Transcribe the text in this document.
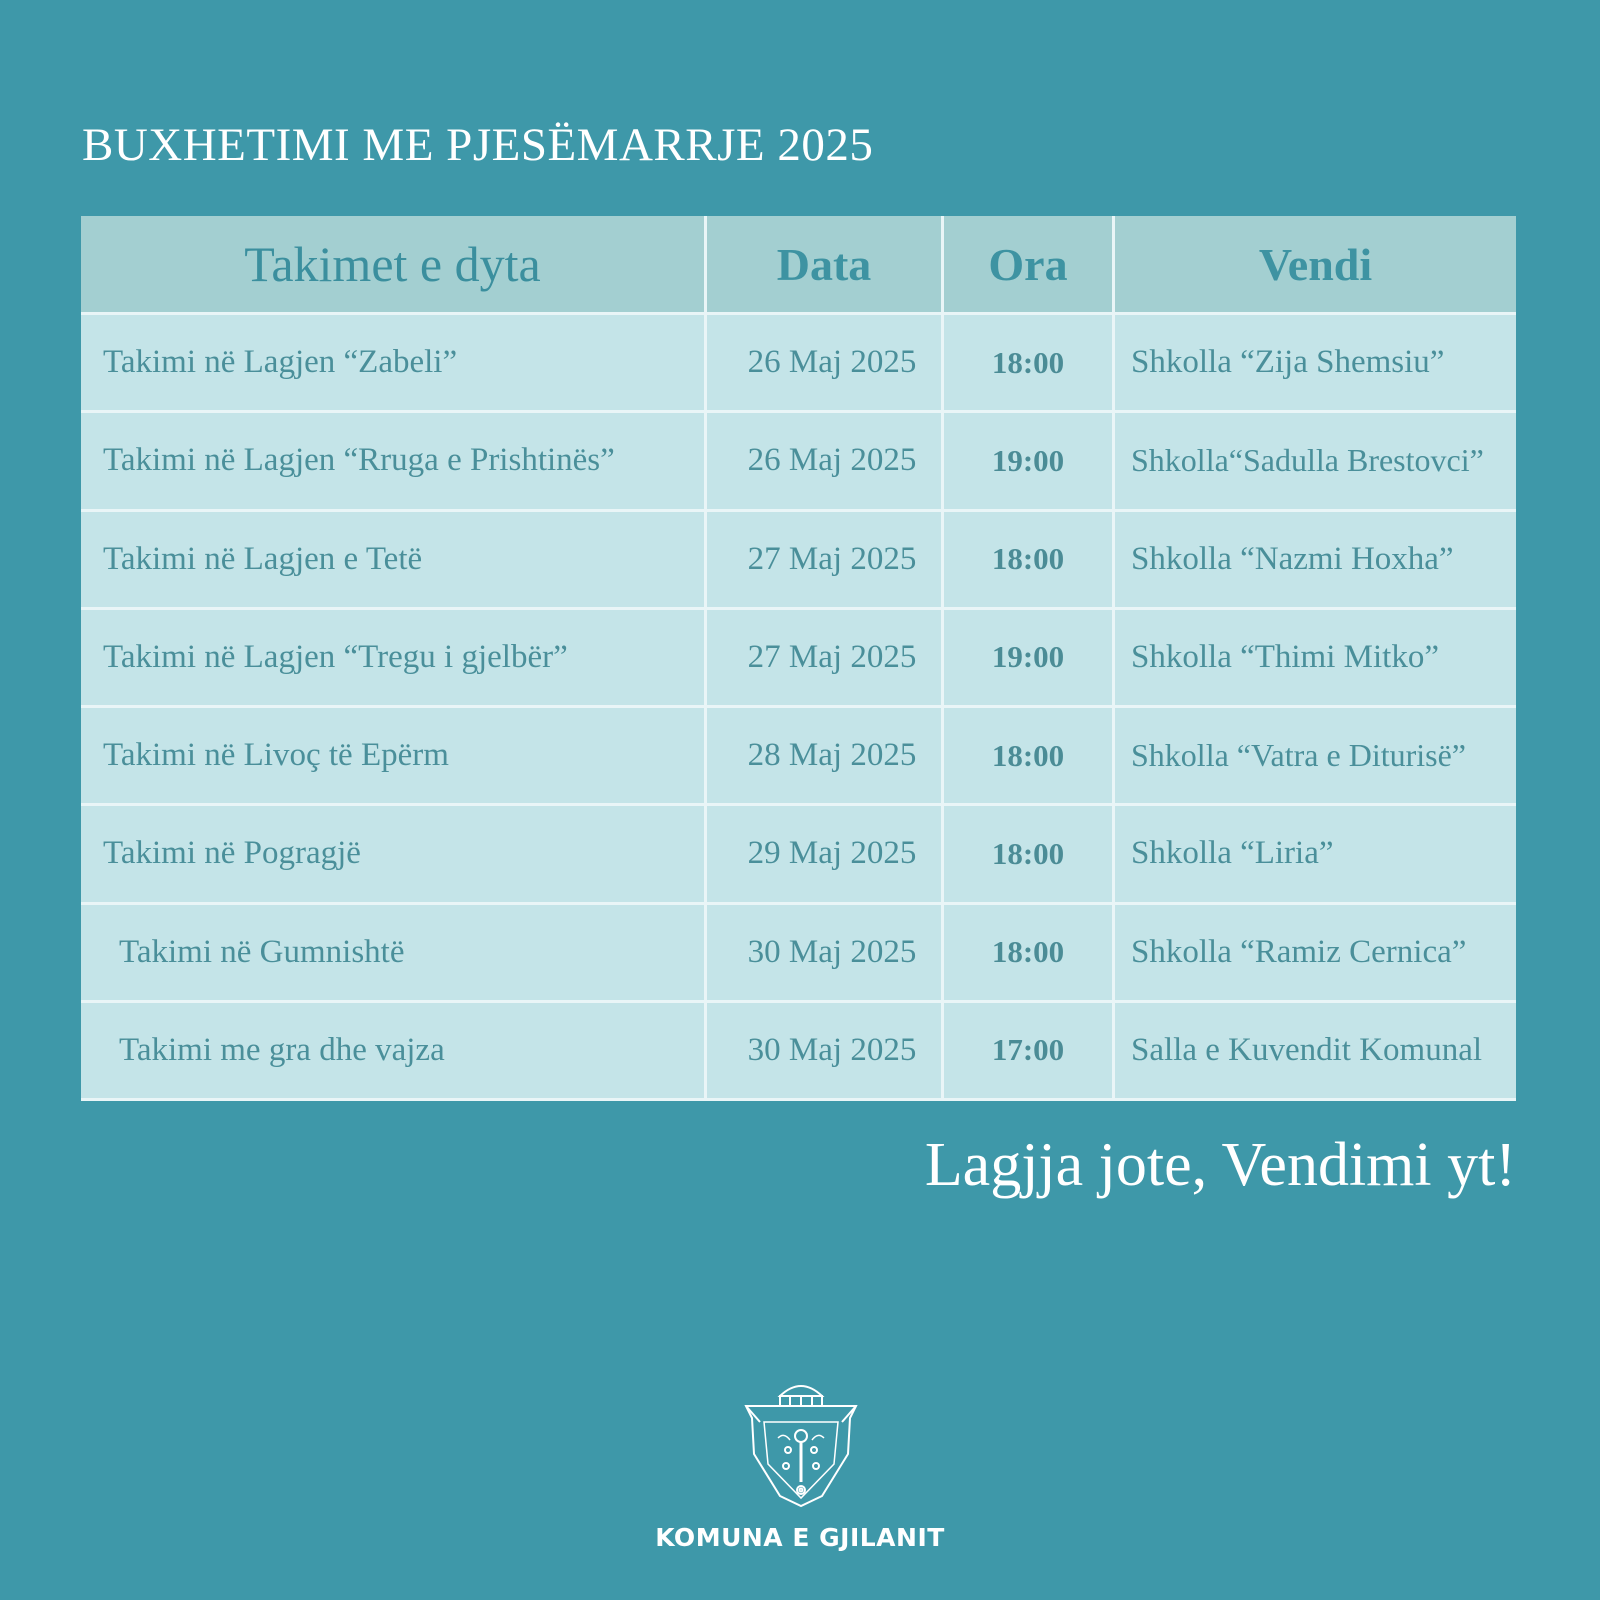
BUXHETIMI ME PJESËMARRJE 2025
Takimet e dyta	Data	Ora	Vendi
Takimi në Lagjen “Zabeli”	26 Maj 2025	18:00	Shkolla “Zija Shemsiu”
Takimi në Lagjen “Rruga e Prishtinës”	26 Maj 2025	19:00	Shkolla“Sadulla Brestovci”
Takimi në Lagjen e Tetë	27 Maj 2025	18:00	Shkolla “Nazmi Hoxha”
Takimi në Lagjen “Tregu i gjelbër”	27 Maj 2025	19:00	Shkolla “Thimi Mitko”
Takimi në Livoç të Epërm	28 Maj 2025	18:00	Shkolla “Vatra e Diturisë”
Takimi në Pogragjë	29 Maj 2025	18:00	Shkolla “Liria”
Takimi në Gumnishtë	30 Maj 2025	18:00	Shkolla “Ramiz Cernica”
Takimi me gra dhe vajza	30 Maj 2025	17:00	Salla e Kuvendit Komunal

Lagjja jote, Vendimi yt!

KOMUNA E GJILANIT
